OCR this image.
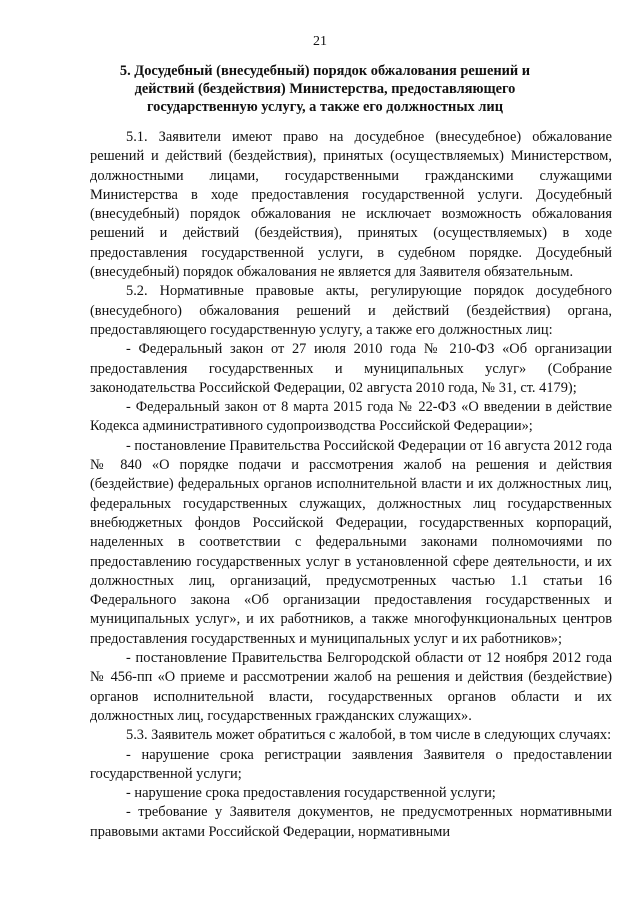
21
5. Досудебный (внесудебный) порядок обжалования решений и действий (бездействия) Министерства, предоставляющего государственную услугу, а также его должностных лиц

5.1. Заявители имеют право на досудебное (внесудебное) обжалование решений и действий (бездействия), принятых (осуществляемых) Министерством, должностными лицами, государственными гражданскими служащими Министерства в ходе предоставления государственной услуги. Досудебный (внесудебный) порядок обжалования не исключает возможность обжалования решений и действий (бездействия), принятых (осуществляемых) в ходе предоставления государственной услуги, в судебном порядке. Досудебный (внесудебный) порядок обжалования не является для Заявителя обязательным.

5.2. Нормативные правовые акты, регулирующие порядок досудебного (внесудебного) обжалования решений и действий (бездействия) органа, предоставляющего государственную услугу, а также его должностных лиц:

- Федеральный закон от 27 июля 2010 года № 210-ФЗ «Об организации предоставления государственных и муниципальных услуг» (Собрание законодательства Российской Федерации, 02 августа 2010 года, № 31, ст. 4179);

- Федеральный закон от 8 марта 2015 года № 22-ФЗ «О введении в действие Кодекса административного судопроизводства Российской Федерации»;

- постановление Правительства Российской Федерации от 16 августа 2012 года № 840 «О порядке подачи и рассмотрения жалоб на решения и действия (бездействие) федеральных органов исполнительной власти и их должностных лиц, федеральных государственных служащих, должностных лиц государственных внебюджетных фондов Российской Федерации, государственных корпораций, наделенных в соответствии с федеральными законами полномочиями по предоставлению государственных услуг в установленной сфере деятельности, и их должностных лиц, организаций, предусмотренных частью 1.1 статьи 16 Федерального закона «Об организации предоставления государственных и муниципальных услуг», и их работников, а также многофункциональных центров предоставления государственных и муниципальных услуг и их работников»;

- постановление Правительства Белгородской области от 12 ноября 2012 года № 456-пп «О приеме и рассмотрении жалоб на решения и действия (бездействие) органов исполнительной власти, государственных органов области и их должностных лиц, государственных гражданских служащих».

5.3. Заявитель может обратиться с жалобой, в том числе в следующих случаях:

- нарушение срока регистрации заявления Заявителя о предоставлении государственной услуги;

- нарушение срока предоставления государственной услуги;

- требование у Заявителя документов, не предусмотренных нормативными правовыми актами Российской Федерации, нормативными
